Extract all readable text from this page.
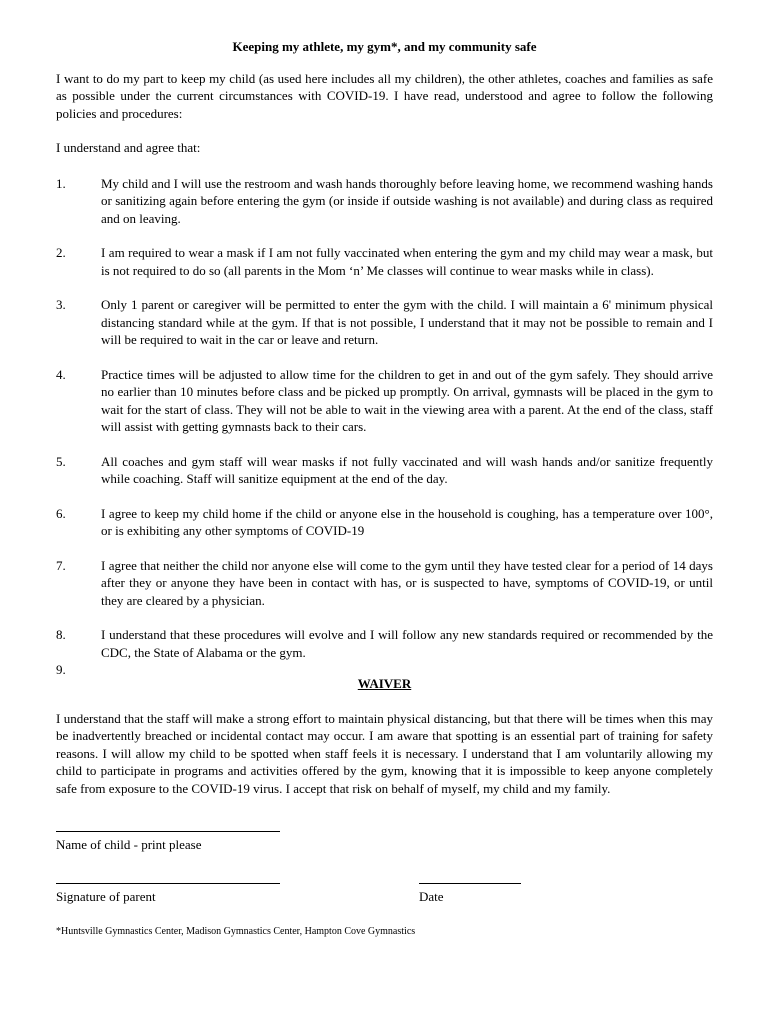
Keeping my athlete, my gym*, and my community safe

I want to do my part to keep my child (as used here includes all my children), the other athletes, coaches and families as safe as possible under the current circumstances with COVID-19. I have read, understood and agree to follow the following policies and procedures:

I understand and agree that:

1.	My child and I will use the restroom and wash hands thoroughly before leaving home, we recommend washing hands or sanitizing again before entering the gym (or inside if outside washing is not available) and during class as required and on leaving.
2.	I am required to wear a mask if I am not fully vaccinated when entering the gym and my child may wear a mask, but is not required to do so (all parents in the Mom ‘n’ Me classes will continue to wear masks while in class).
3.	Only 1 parent or caregiver will be permitted to enter the gym with the child. I will maintain a 6' minimum physical distancing standard while at the gym. If that is not possible, I understand that it may not be possible to remain and I will be required to wait in the car or leave and return.
4.	Practice times will be adjusted to allow time for the children to get in and out of the gym safely. They should arrive no earlier than 10 minutes before class and be picked up promptly. On arrival, gymnasts will be placed in the gym to wait for the start of class. They will not be able to wait in the viewing area with a parent. At the end of the class, staff will assist with getting gymnasts back to their cars.
5.	All coaches and gym staff will wear masks if not fully vaccinated and will wash hands and/or sanitize frequently while coaching. Staff will sanitize equipment at the end of the day.
6.	I agree to keep my child home if the child or anyone else in the household is coughing, has a temperature over 100°, or is exhibiting any other symptoms of COVID-19
7.	I agree that neither the child nor anyone else will come to the gym until they have tested clear for a period of 14 days after they or anyone they have been in contact with has, or is suspected to have, symptoms of COVID-19, or until they are cleared by a physician.
8.	I understand that these procedures will evolve and I will follow any new standards required or recommended by the CDC, the State of Alabama or the gym.
9.
WAIVER

I understand that the staff will make a strong effort to maintain physical distancing, but that there will be times when this may be inadvertently breached or incidental contact may occur. I am aware that spotting is an essential part of training for safety reasons. I will allow my child to be spotted when staff feels it is necessary. I understand that I am voluntarily allowing my child to participate in programs and activities offered by the gym, knowing that it is impossible to keep anyone completely safe from exposure to the COVID-19 virus. I accept that risk on behalf of myself, my child and my family.

Name of child - print please
Signature of parent	Date
*Huntsville Gymnastics Center, Madison Gymnastics Center, Hampton Cove Gymnastics
